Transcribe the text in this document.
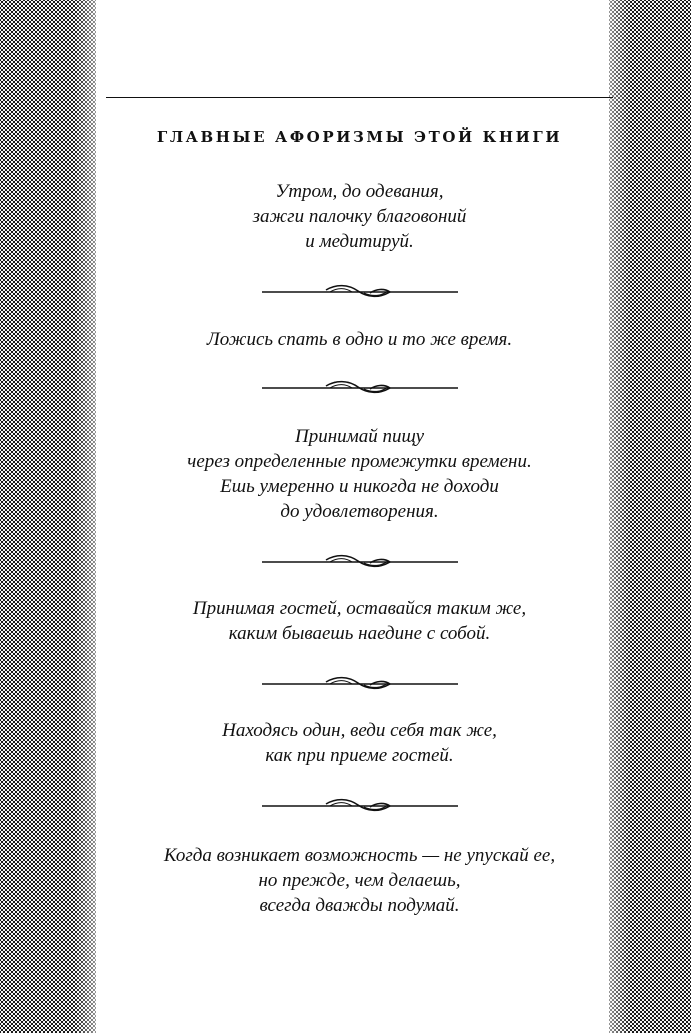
ГЛАВНЫЕ АФОРИЗМЫ ЭТОЙ КНИГИ
Утром, до одевания,
зажги палочку благовоний
и медитируй.
Ложись спать в одно и то же время.
Принимай пищу
через определенные промежутки времени.
Ешь умеренно и никогда не доходи
до удовлетворения.
Принимая гостей, оставайся таким же,
каким бываешь наедине с собой.
Находясь один, веди себя так же,
как при приеме гостей.
Когда возникает возможность — не упускай ее,
но прежде, чем делаешь,
всегда дважды подумай.
